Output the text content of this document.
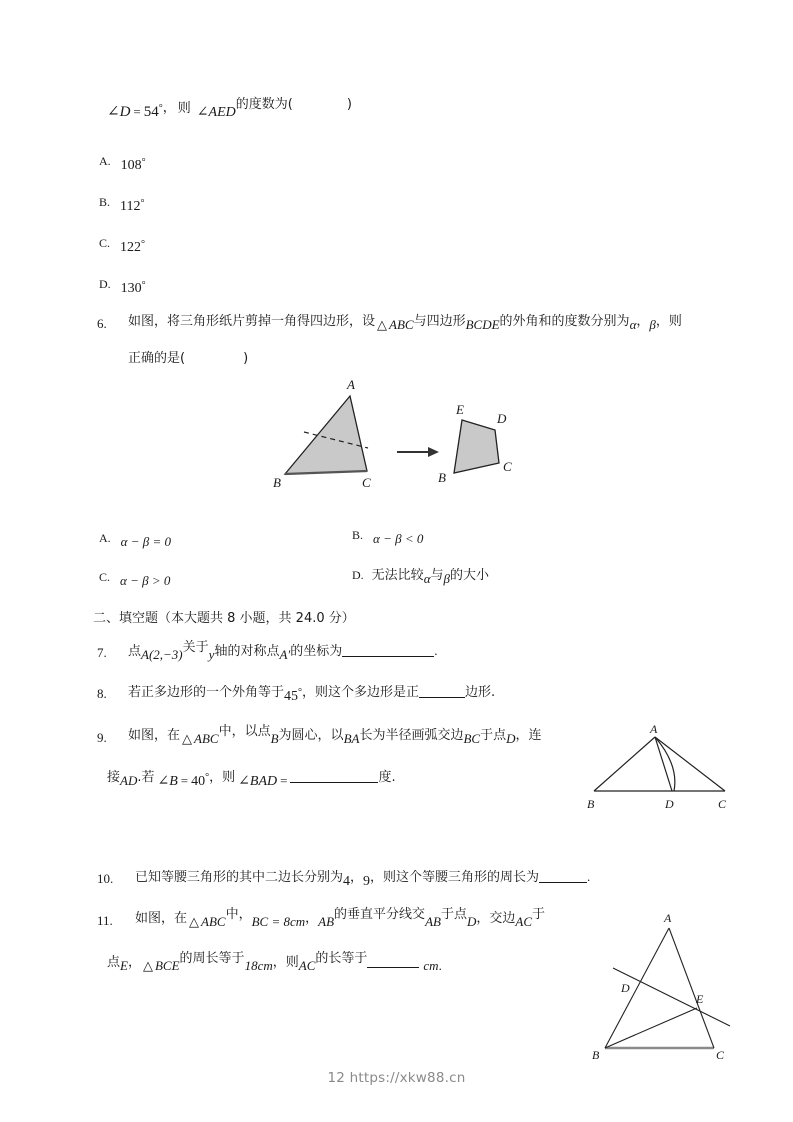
∠D = 54°， 则 ∠AED的度数为(	)
A. 108°
B. 112°
C. 122°
D. 130°
6. 如图，将三角形纸片剪掉一角得四边形，设 △ ABC与四边形BCDE的外角和的度数分别为α，β，则
正确的是(	)
A
B	C
E
D
B
C
A. $_{\alpha - \beta = 0}$	B. $_{\alpha - \beta < 0}$
C. $_{\alpha - \beta > 0}$	D. 无法比较$_\alpha$与$_\beta$的大小
二、填空题（本大题共 8 小题，共 24.0 分）
7. 点A(2,−3)关于y轴的对称点A′的坐标为	.
8. 若正多边形的一个外角等于45°，则这个多边形是正	边形.
9. 如图，在 △ ABC中，以点B为圆心，以BA长为半径画弧交边BC于点D，连
接AD.若 ∠B = 40°，则 ∠BAD =	度.
A
B	D	C
10. 已知等腰三角形的其中二边长分别为4，9，则这个等腰三角形的周长为	.
11. 如图，在 △ ABC中，BC = 8cm，AB的垂直平分线交AB于点D，交边AC于
点E， △ BCE的周长等于18cm，则AC的长等于	cm.
A
D
E
B	C
12 https://xkw88.cn
